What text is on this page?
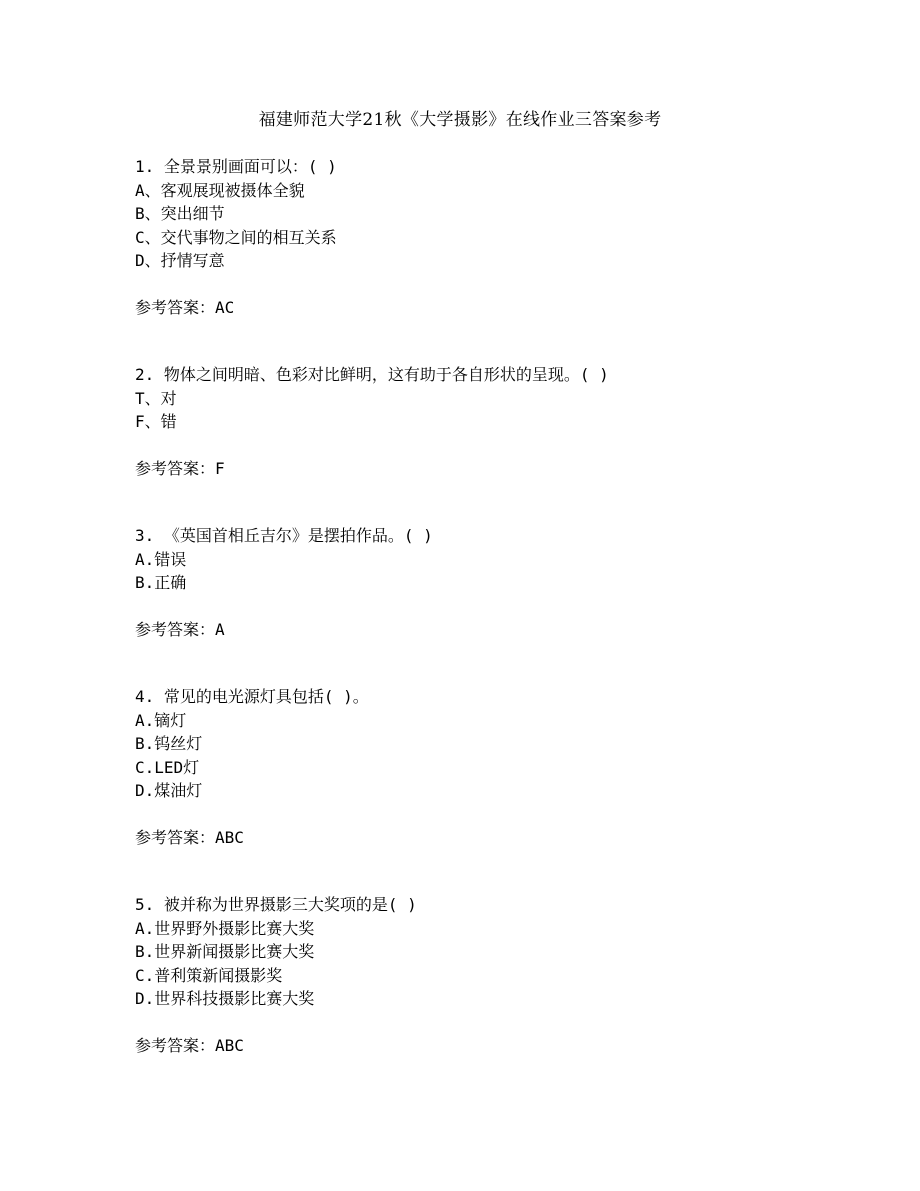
福建师范大学21秋《大学摄影》在线作业三答案参考
1. 全景景别画面可以：( )
A、客观展现被摄体全貌
B、突出细节
C、交代事物之间的相互关系
D、抒情写意
参考答案：AC
2. 物体之间明暗、色彩对比鲜明，这有助于各自形状的呈现。( )
T、对
F、错
参考答案：F
3. 《英国首相丘吉尔》是摆拍作品。( )
A.错误
B.正确
参考答案：A
4. 常见的电光源灯具包括( )。
A.镝灯
B.钨丝灯
C.LED灯
D.煤油灯
参考答案：ABC
5. 被并称为世界摄影三大奖项的是( )
A.世界野外摄影比赛大奖
B.世界新闻摄影比赛大奖
C.普利策新闻摄影奖
D.世界科技摄影比赛大奖
参考答案：ABC
